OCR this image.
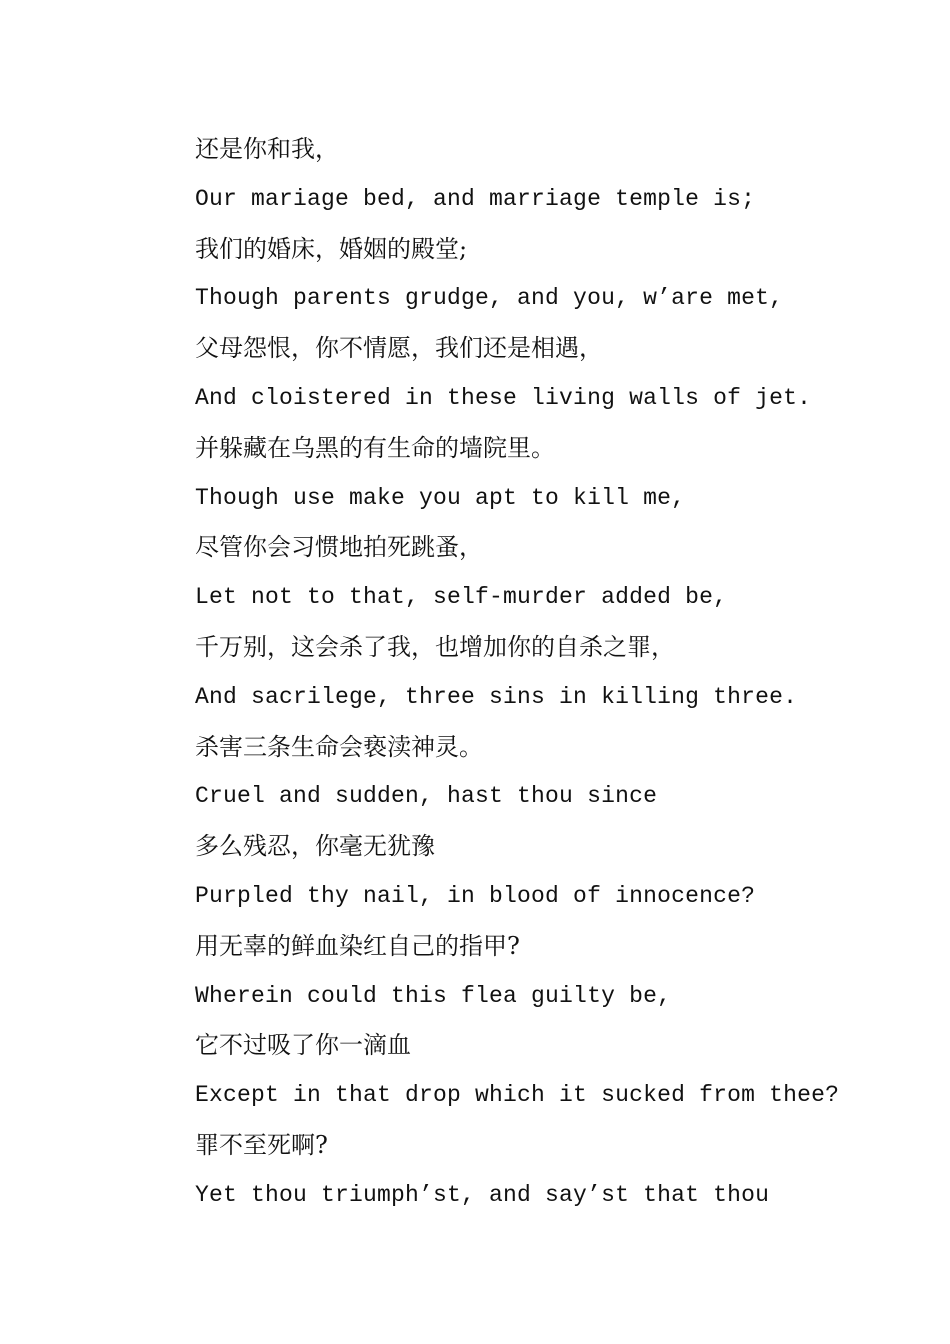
还是你和我，
Our mariage bed, and marriage temple is;
我们的婚床，婚姻的殿堂;
Though parents grudge, and you, w’are met,
父母怨恨，你不情愿，我们还是相遇，
And cloistered in these living walls of jet.
并躲藏在乌黑的有生命的墙院里。
Though use make you apt to kill me,
尽管你会习惯地拍死跳蚤，
Let not to that, self-murder added be,
千万别，这会杀了我，也增加你的自杀之罪，
And sacrilege, three sins in killing three.
杀害三条生命会亵渎神灵。
Cruel and sudden, hast thou since
多么残忍，你毫无犹豫
Purpled thy nail, in blood of innocence?
用无辜的鲜血染红自己的指甲?
Wherein could this flea guilty be,
它不过吸了你一滴血
Except in that drop which it sucked from thee?
罪不至死啊?
Yet thou triumph’st, and say’st that thou
